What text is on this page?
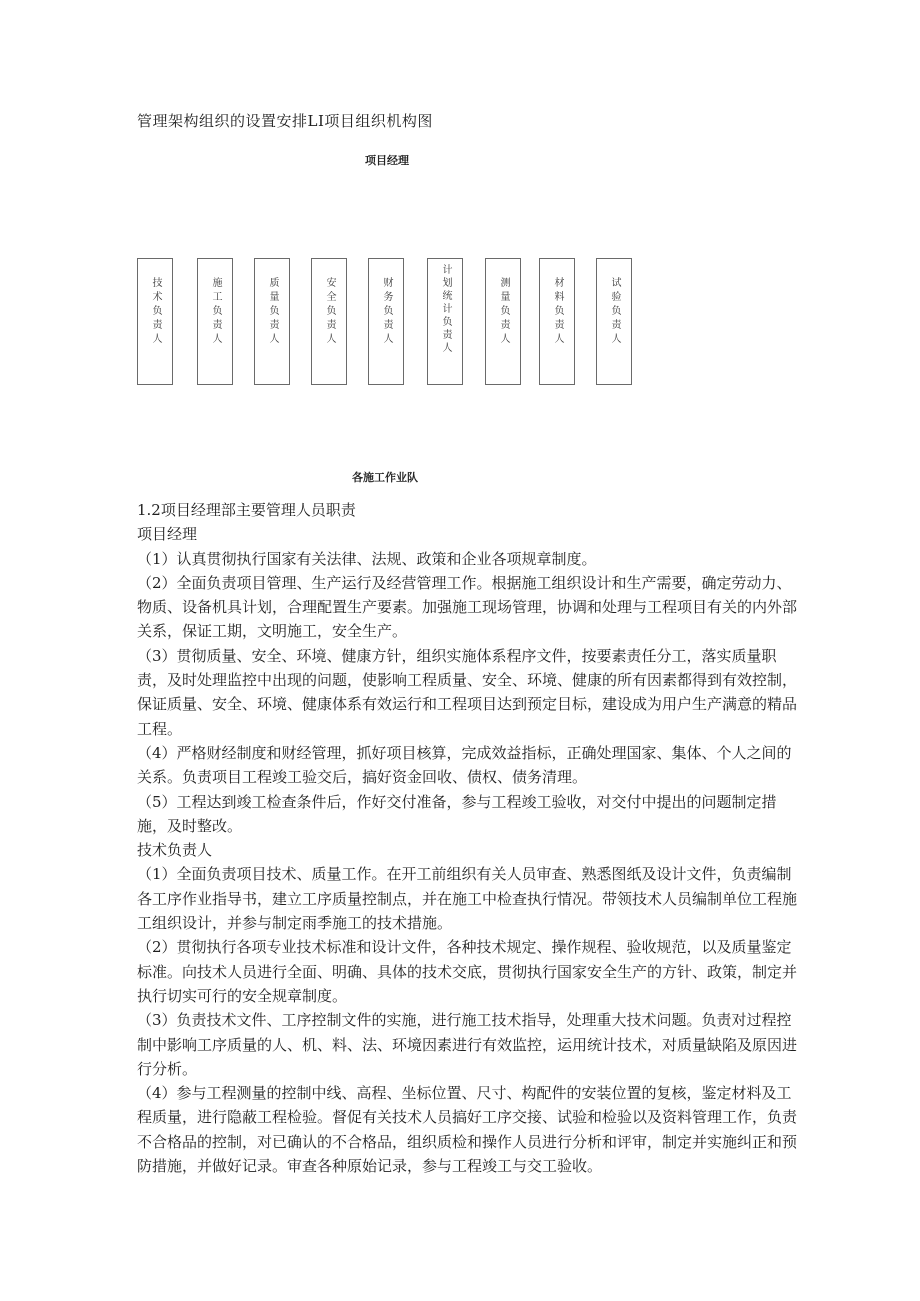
管理架构组织的设置安排LI项目组织机构图
项目经理
技术负责人	施工负责人	质量负责人	安全负责人	财务负责人	计划统计负责人	测量负责人	材料负责人	试验负责人
各施工作业队

1.2项目经理部主要管理人员职责

项目经理

（1）认真贯彻执行国家有关法律、法规、政策和企业各项规章制度。

（2）全面负责项目管理、生产运行及经营管理工作。根据施工组织设计和生产需要，确定劳动力、物质、设备机具计划，合理配置生产要素。加强施工现场管理，协调和处理与工程项目有关的内外部关系，保证工期，文明施工，安全生产。

（3）贯彻质量、安全、环境、健康方针，组织实施体系程序文件，按要素责任分工，落实质量职责，及时处理监控中出现的问题，使影响工程质量、安全、环境、健康的所有因素都得到有效控制，保证质量、安全、环境、健康体系有效运行和工程项目达到预定目标，建设成为用户生产满意的精品工程。

（4）严格财经制度和财经管理，抓好项目核算，完成效益指标，正确处理国家、集体、个人之间的关系。负责项目工程竣工验交后，搞好资金回收、债权、债务清理。

（5）工程达到竣工检查条件后，作好交付准备，参与工程竣工验收，对交付中提出的问题制定措施，及时整改。

技术负责人

（1）全面负责项目技术、质量工作。在开工前组织有关人员审查、熟悉图纸及设计文件，负责编制各工序作业指导书，建立工序质量控制点，并在施工中检查执行情况。带领技术人员编制单位工程施工组织设计，并参与制定雨季施工的技术措施。

（2）贯彻执行各项专业技术标准和设计文件，各种技术规定、操作规程、验收规范，以及质量鉴定标准。向技术人员进行全面、明确、具体的技术交底，贯彻执行国家安全生产的方针、政策，制定并执行切实可行的安全规章制度。

（3）负责技术文件、工序控制文件的实施，进行施工技术指导，处理重大技术问题。负责对过程控制中影响工序质量的人、机、料、法、环境因素进行有效监控，运用统计技术，对质量缺陷及原因进行分析。

（4）参与工程测量的控制中线、高程、坐标位置、尺寸、构配件的安装位置的复核，鉴定材料及工程质量，进行隐蔽工程检验。督促有关技术人员搞好工序交接、试验和检验以及资料管理工作，负责不合格品的控制，对已确认的不合格品，组织质检和操作人员进行分析和评审，制定并实施纠正和预防措施，并做好记录。审查各种原始记录，参与工程竣工与交工验收。
